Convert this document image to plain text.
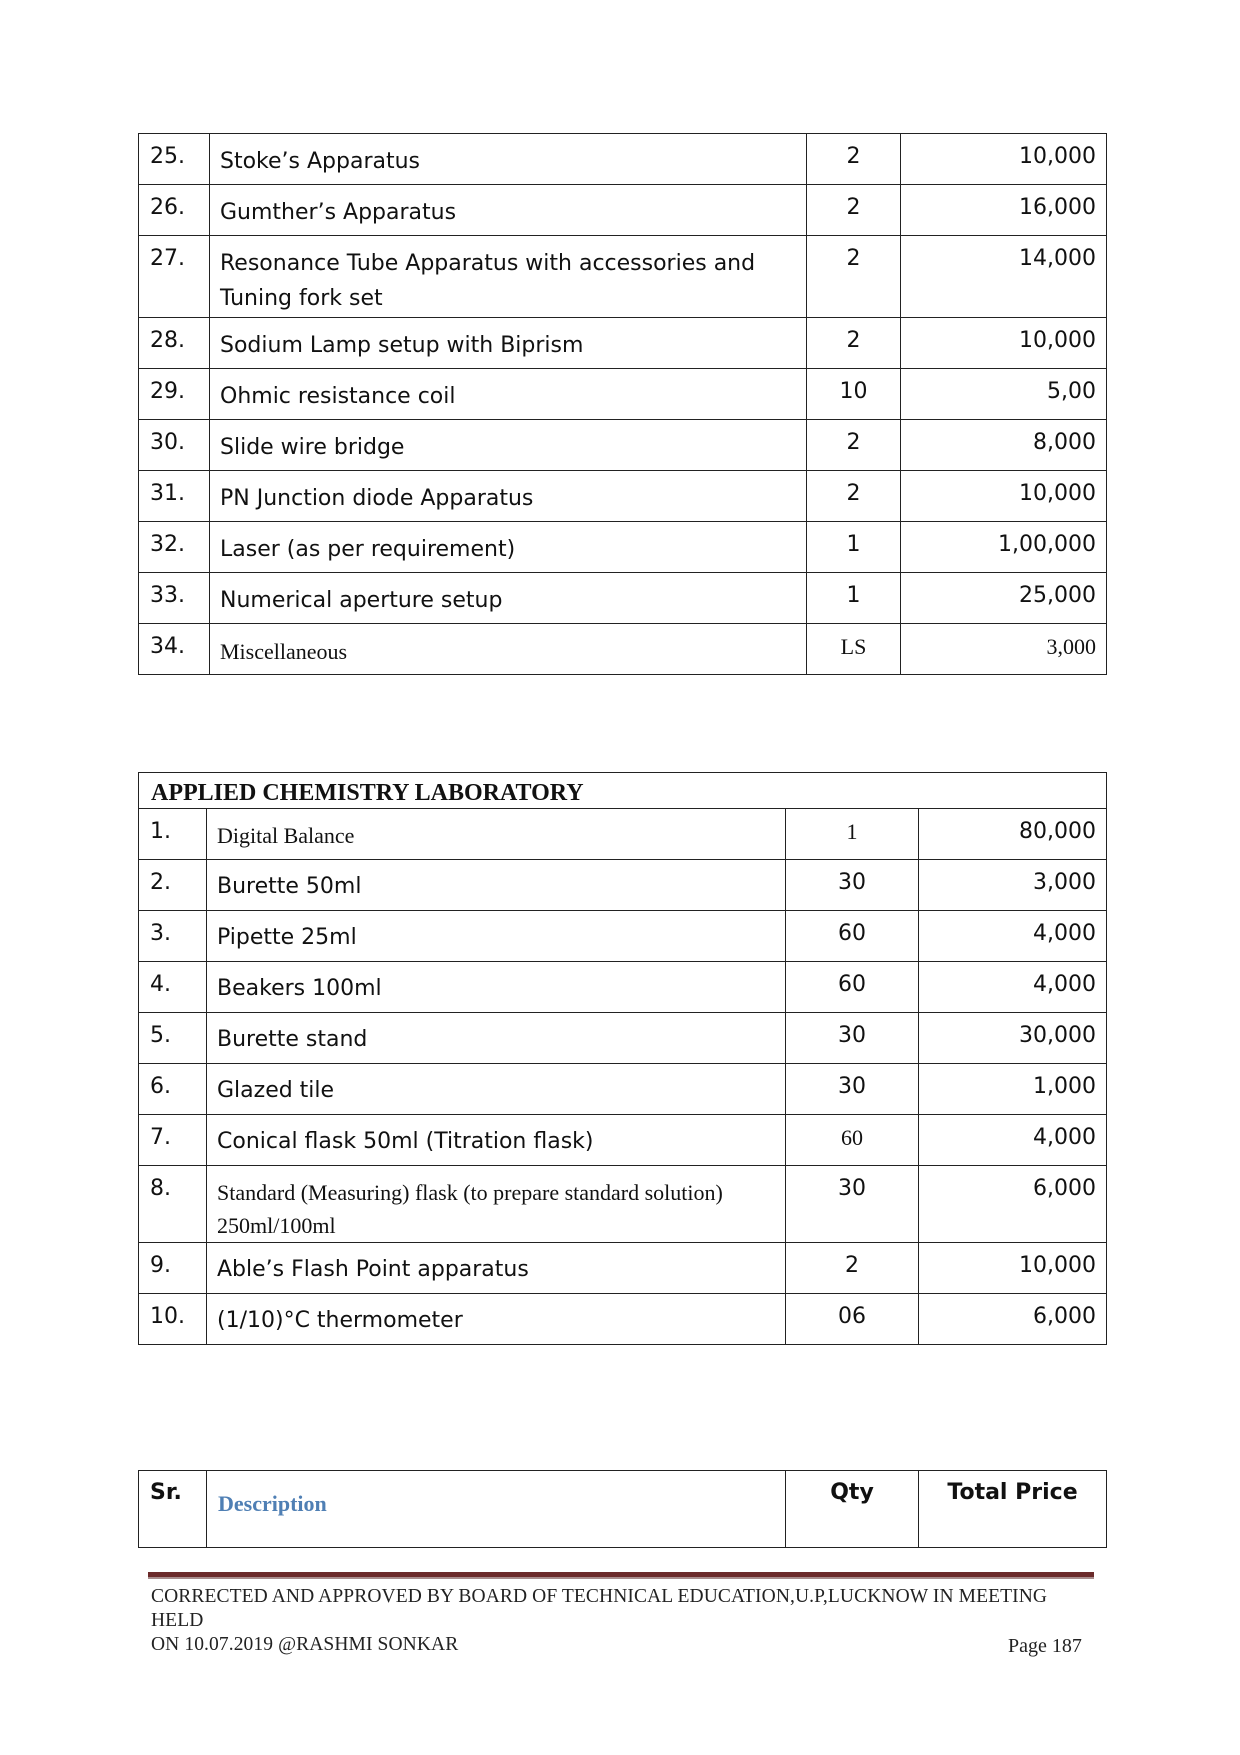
25.	Stoke’s Apparatus	2	10,000
26.	Gumther’s Apparatus	2	16,000
27.	Resonance Tube Apparatus with accessories and Tuning fork set	2	14,000
28.	Sodium Lamp setup with Biprism	2	10,000
29.	Ohmic resistance coil	10	5,00
30.	Slide wire bridge	2	8,000
31.	PN Junction diode Apparatus	2	10,000
32.	Laser (as per requirement)	1	1,00,000
33.	Numerical aperture setup	1	25,000
34.	Miscellaneous	LS	3,000
APPLIED CHEMISTRY LABORATORY			
1.	Digital Balance	1	80,000
2.	Burette 50ml	30	3,000
3.	Pipette 25ml	60	4,000
4.	Beakers 100ml	60	4,000
5.	Burette stand	30	30,000
6.	Glazed tile	30	1,000
7.	Conical flask 50ml (Titration flask)	60	4,000
8.	Standard (Measuring) flask (to prepare standard solution) 250ml/100ml	30	6,000
9.	Able’s Flash Point apparatus	2	10,000
10.	(1/10)°C thermometer	06	6,000
Sr.	Description	Qty	Total Price
CORRECTED AND APPROVED BY BOARD OF TECHNICAL EDUCATION,U.P,LUCKNOW IN MEETING HELD
ON 10.07.2019 @RASHMI SONKAR	Page 187
